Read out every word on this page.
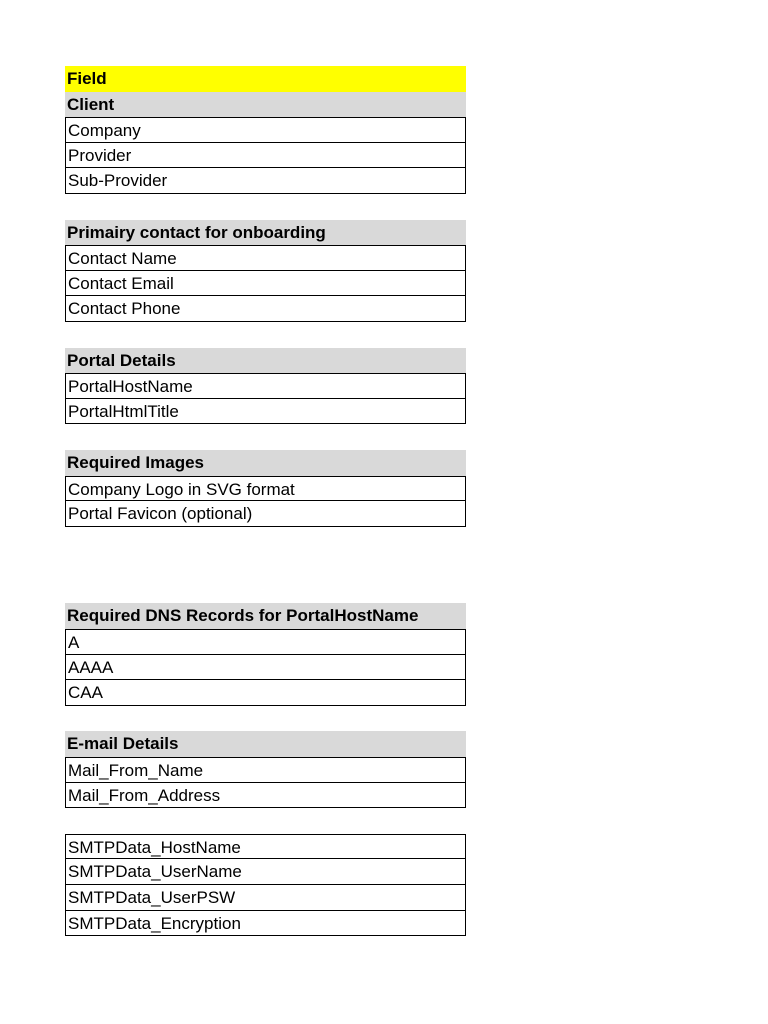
Field
Client
Company
Provider
Sub-Provider
Primairy contact for onboarding
Contact Name
Contact Email
Contact Phone
Portal Details
PortalHostName
PortalHtmlTitle
Required Images
Company Logo in SVG format
Portal Favicon (optional)
Required DNS Records for PortalHostName
A
AAAA
CAA
E-mail Details
Mail_From_Name
Mail_From_Address
SMTPData_HostName
SMTPData_UserName
SMTPData_UserPSW
SMTPData_Encryption
